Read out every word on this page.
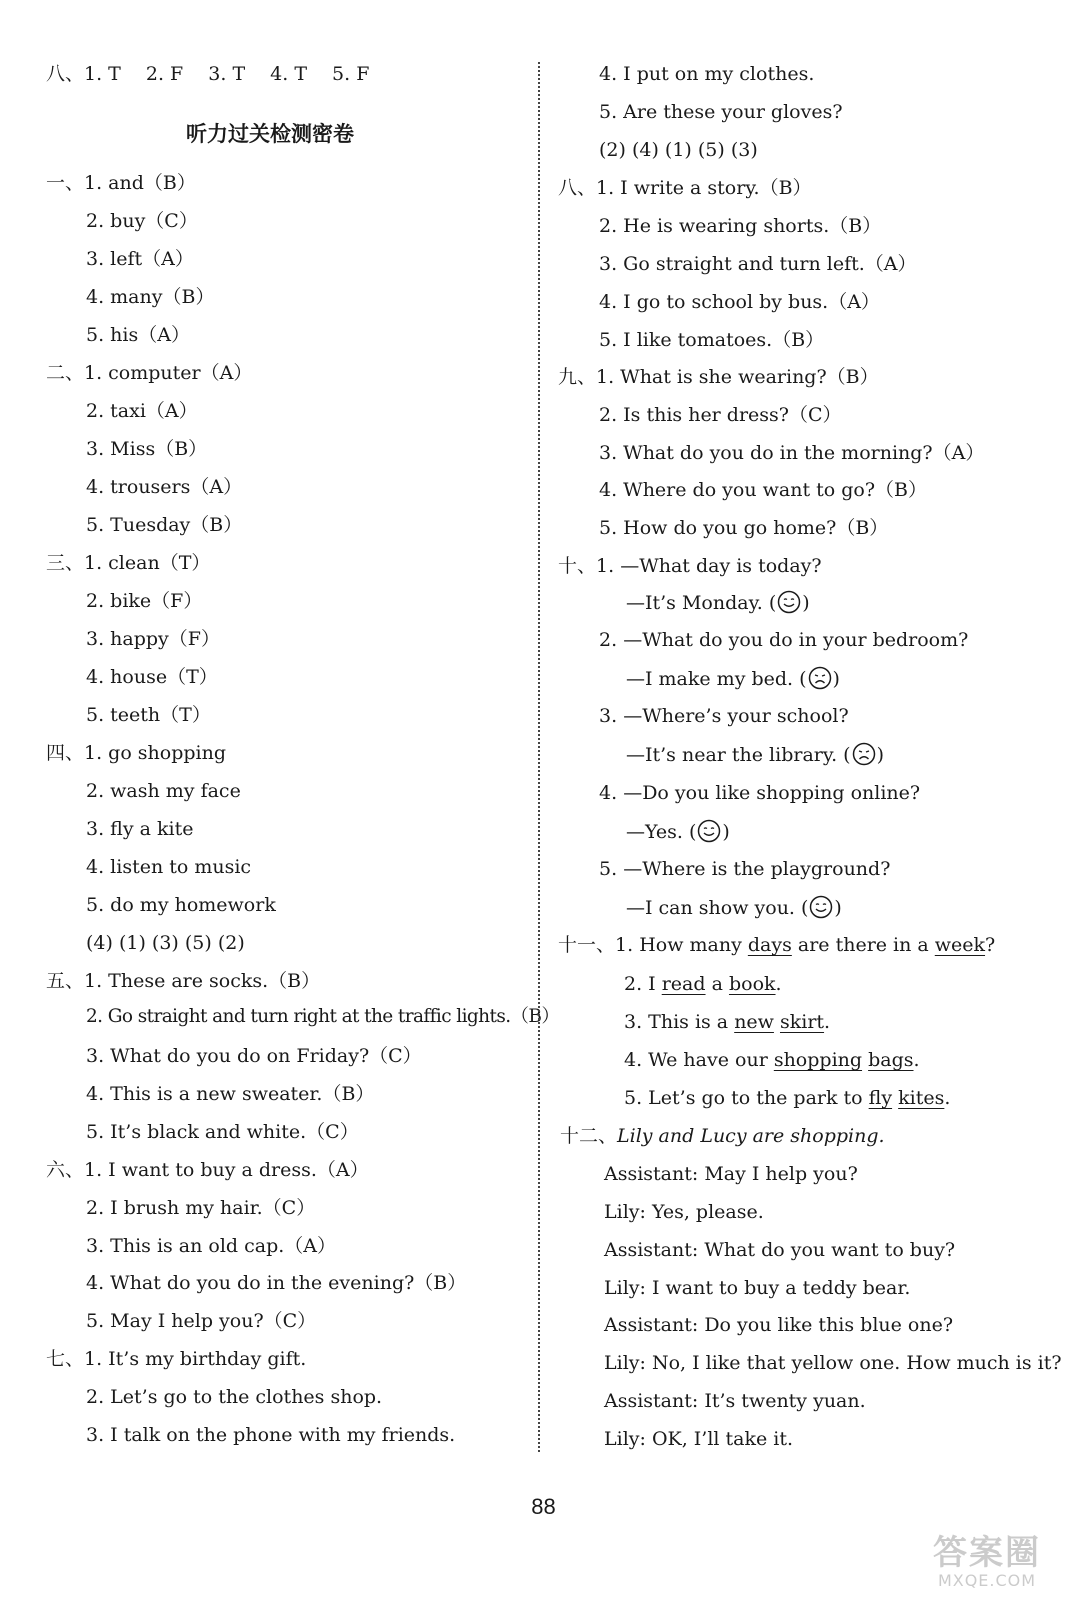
八、1. T　 2. F　 3. T　 4. T　 5. F
听力过关检测密卷
一、1. and（B）
2. buy（C）
3. left（A）
4. many（B）
5. his（A）
二、1. computer（A）
2. taxi（A）
3. Miss（B）
4. trousers（A）
5. Tuesday（B）
三、1. clean（T）
2. bike（F）
3. happy（F）
4. house（T）
5. teeth（T）
四、1. go shopping
2. wash my face
3. fly a kite
4. listen to music
5. do my homework
(4) (1) (3) (5) (2)
五、1. These are socks.（B）
2. Go straight and turn right at the traffic lights.（B）
3. What do you do on Friday?（C）
4. This is a new sweater.（B）
5. It’s black and white.（C）
六、1. I want to buy a dress.（A）
2. I brush my hair.（C）
3. This is an old cap.（A）
4. What do you do in the evening?（B）
5. May I help you?（C）
七、1. It’s my birthday gift.
2. Let’s go to the clothes shop.
3. I talk on the phone with my friends.
4. I put on my clothes.
5. Are these your gloves?
(2) (4) (1) (5) (3)
八、1. I write a story.（B）
2. He is wearing shorts.（B）
3. Go straight and turn left.（A）
4. I go to school by bus.（A）
5. I like tomatoes.（B）
九、1. What is she wearing?（B）
2. Is this her dress?（C）
3. What do you do in the morning?（A）
4. Where do you want to go?（B）
5. How do you go home?（B）
十、1. —What day is today?
—It’s Monday. ( )
2. —What do you do in your bedroom?
—I make my bed. ( )
3. —Where’s your school?
—It’s near the library. ( )
4. —Do you like shopping online?
—Yes. ( )
5. —Where is the playground?
—I can show you. ( )
十一、1. How many days are there in a week?
2. I read a book.
3. This is a new skirt.
4. We have our shopping bags.
5. Let’s go to the park to fly kites.
十二、Lily and Lucy are shopping.
Assistant: May I help you?
Lily: Yes, please.
Assistant: What do you want to buy?
Lily: I want to buy a teddy bear.
Assistant: Do you like this blue one?
Lily: No, I like that yellow one. How much is it?
Assistant: It’s twenty yuan.
Lily: OK, I’ll take it.
88
答案圈
MXQE.COM
